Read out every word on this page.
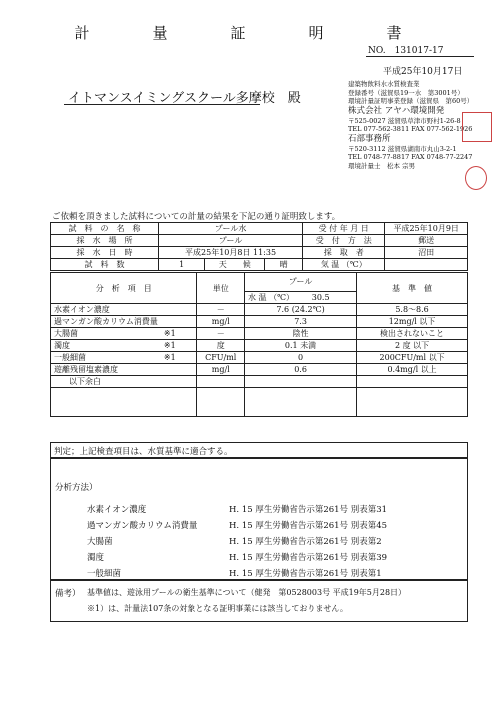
計　量　証　明　書
NO.　131017-17
平成25年10月17日
イトマンスイミングスクール多摩校　殿
建築物飲料水水質検査業
登録番号（滋賀県19一水　第3001号）
環境計量証明事業登録（滋賀県　第60号）
株式会社 アヤハ環境開発
〒525-0027 滋賀県草津市野村1-26-8
TEL 077-562-3811 FAX 077-562-1926
石部事務所
〒520-3112 滋賀県湖南市丸山3-2-1
TEL 0748-77-8817 FAX 0748-77-2247
環境計量士　松本 宗男
ご依頼を頂きました試料についての計量の結果を下記の通り証明致します。
試　料　の　名　称	プール水			受 付 年 月 日	平成25年10月9日
採　水　場　所	プール			受　付　方　法	郵送
採　水　日　時	平成25年10月8日 11:35			採　取　者	沼田
試　料　数	1	天　　候	晴	気 温 （℃）	
分　析　項　目		単位	プール		基　準　値
			水 温 （℃）	30.5	
水素イオン濃度		－	7.6 (24.2℃)		5.8～8.6
過マンガン酸カリウム消費量		mg/l	7.3		12mg/l 以下
大腸菌	※1	－	陰性		検出されないこと
濁度	※1	度	0.1 未満		2 度 以下
一般細菌	※1	CFU/ml	0		200CFU/ml 以下
遊離残留塩素濃度		mg/l	0.6		0.4mg/l 以上
以下余白					

判定；上記検査項目は、水質基準に適合する。
分析方法）
水素イオン濃度	H. 15 厚生労働省告示第261号 別表第31
過マンガン酸カリウム消費量	H. 15 厚生労働省告示第261号 別表第45
大腸菌	H. 15 厚生労働省告示第261号 別表第2
濁度	H. 15 厚生労働省告示第261号 別表第39
一般細菌	H. 15 厚生労働省告示第261号 別表第1
備考） 基準値は、遊泳用プールの衛生基準について（健発　第0528003号 平成19年5月28日）
※1）は、計量法107条の対象となる証明事業には該当しておりません。
